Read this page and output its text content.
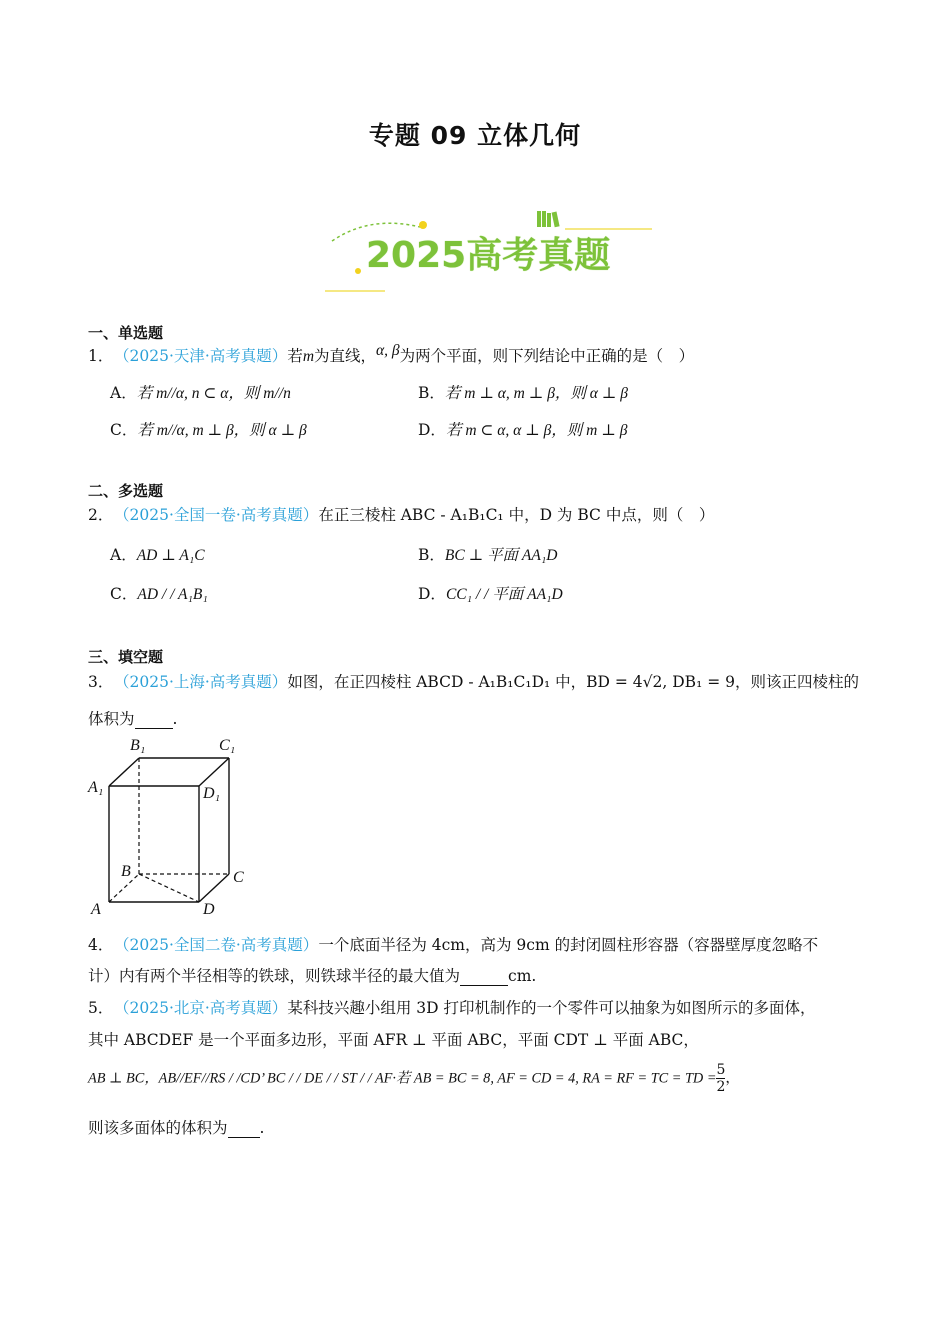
专题 09 立体几何
2025高考真题
一、单选题
1．（2025·天津·高考真题）若m为直线，α, β为两个平面，则下列结论中正确的是（　）
A．若 m//α, n ⊂ α，则 m//n	B．若 m ⊥ α, m ⊥ β，则 α ⊥ β
C．若 m//α, m ⊥ β，则 α ⊥ β	D．若 m ⊂ α, α ⊥ β，则 m ⊥ β
二、多选题
2．（2025·全国一卷·高考真题）在正三棱柱 ABC - A₁B₁C₁ 中，D 为 BC 中点，则（　）
A．AD ⊥ A₁C	B．BC ⊥ 平面 AA₁D
C．AD / / A₁B₁	D．CC₁ / / 平面 AA₁D
三、填空题
3．（2025·上海·高考真题）如图，在正四棱柱 ABCD - A₁B₁C₁D₁ 中，BD = 4√2, DB₁ = 9，则该正四棱柱的
体积为 .
B₁	C₁
A₁	D₁
B	C
A	D
4．（2025·全国二卷·高考真题）一个底面半径为 4cm，高为 9cm 的封闭圆柱形容器（容器壁厚度忽略不
计）内有两个半径相等的铁球，则铁球半径的最大值为	cm.
5．（2025·北京·高考真题）某科技兴趣小组用 3D 打印机制作的一个零件可以抽象为如图所示的多面体，
其中 ABCDEF 是一个平面多边形，平面 AFR ⊥ 平面 ABC，平面 CDT ⊥ 平面 ABC，
AB ⊥ BC，AB//EF//RS / /CD’ BC / / DE / / ST / / AF·若 AB = BC = 8, AF = CD = 4, RA = RF = TC = TD = $\frac{5}{2}$ ，
则该多面体的体积为 .
